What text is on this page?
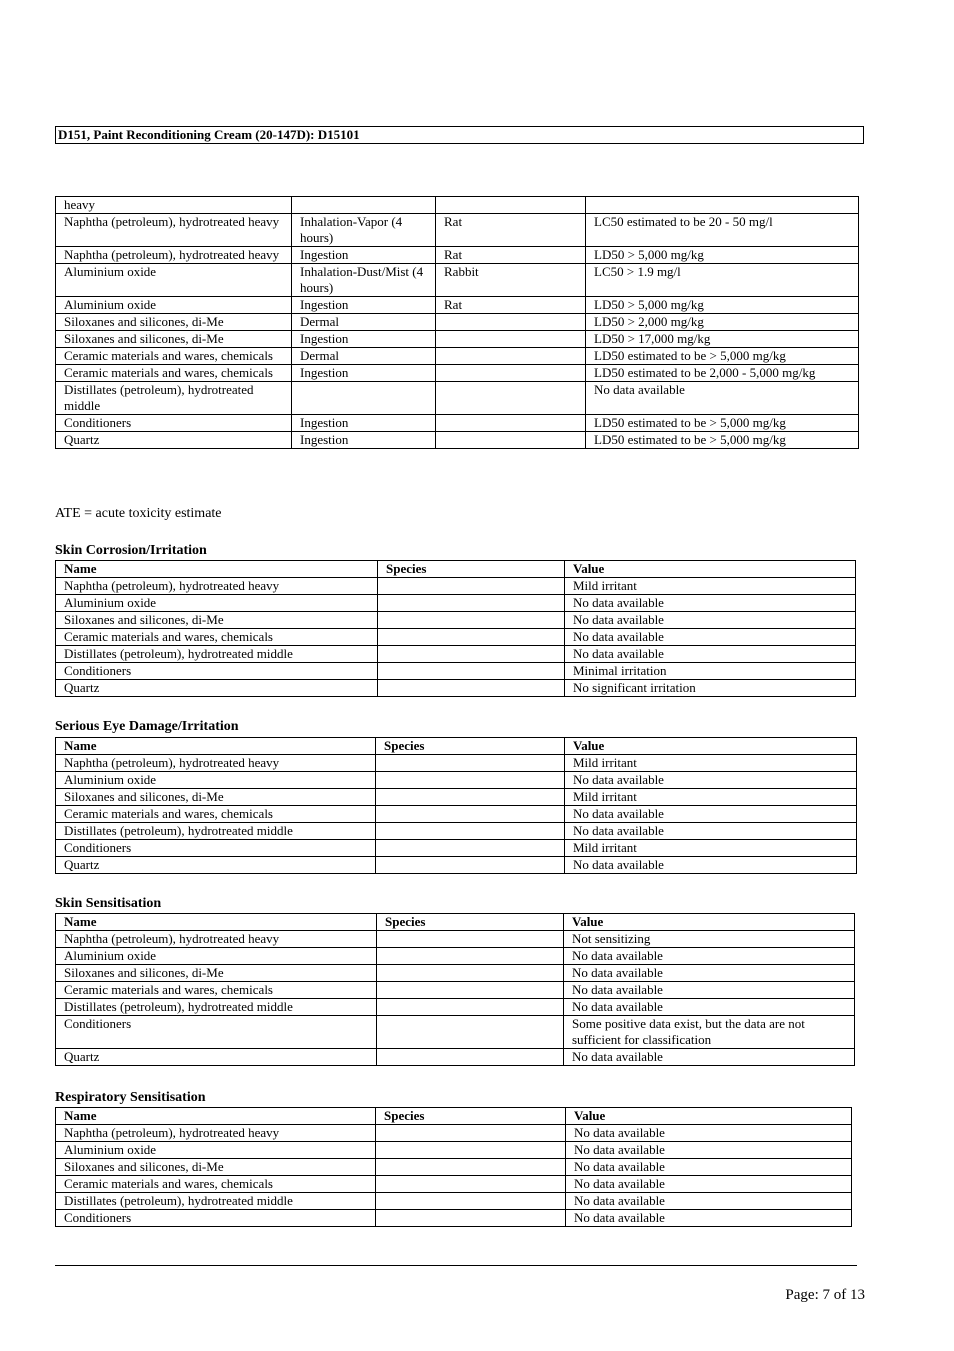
D151, Paint Reconditioning Cream (20-147D): D15101
heavy			
Naphtha (petroleum), hydrotreated heavy	Inhalation-Vapor (4 hours)	Rat	LC50 estimated to be 20 - 50 mg/l
Naphtha (petroleum), hydrotreated heavy	Ingestion	Rat	LD50 > 5,000 mg/kg
Aluminium oxide	Inhalation-Dust/Mist (4 hours)	Rabbit	LC50 > 1.9 mg/l
Aluminium oxide	Ingestion	Rat	LD50 > 5,000 mg/kg
Siloxanes and silicones, di-Me	Dermal		LD50 > 2,000 mg/kg
Siloxanes and silicones, di-Me	Ingestion		LD50 > 17,000 mg/kg
Ceramic materials and wares, chemicals	Dermal		LD50 estimated to be > 5,000 mg/kg
Ceramic materials and wares, chemicals	Ingestion		LD50 estimated to be 2,000 - 5,000 mg/kg
Distillates (petroleum), hydrotreated middle			No data available
Conditioners	Ingestion		LD50 estimated to be > 5,000 mg/kg
Quartz	Ingestion		LD50 estimated to be > 5,000 mg/kg
ATE = acute toxicity estimate
Skin Corrosion/Irritation
Name	Species	Value
Naphtha (petroleum), hydrotreated heavy		Mild irritant
Aluminium oxide		No data available
Siloxanes and silicones, di-Me		No data available
Ceramic materials and wares, chemicals		No data available
Distillates (petroleum), hydrotreated middle		No data available
Conditioners		Minimal irritation
Quartz		No significant irritation
Serious Eye Damage/Irritation
Name	Species	Value
Naphtha (petroleum), hydrotreated heavy		Mild irritant
Aluminium oxide		No data available
Siloxanes and silicones, di-Me		Mild irritant
Ceramic materials and wares, chemicals		No data available
Distillates (petroleum), hydrotreated middle		No data available
Conditioners		Mild irritant
Quartz		No data available
Skin Sensitisation
Name	Species	Value
Naphtha (petroleum), hydrotreated heavy		Not sensitizing
Aluminium oxide		No data available
Siloxanes and silicones, di-Me		No data available
Ceramic materials and wares, chemicals		No data available
Distillates (petroleum), hydrotreated middle		No data available
Conditioners		Some positive data exist, but the data are not sufficient for classification
Quartz		No data available
Respiratory Sensitisation
Name	Species	Value
Naphtha (petroleum), hydrotreated heavy		No data available
Aluminium oxide		No data available
Siloxanes and silicones, di-Me		No data available
Ceramic materials and wares, chemicals		No data available
Distillates (petroleum), hydrotreated middle		No data available
Conditioners		No data available
Page: 7 of 13
